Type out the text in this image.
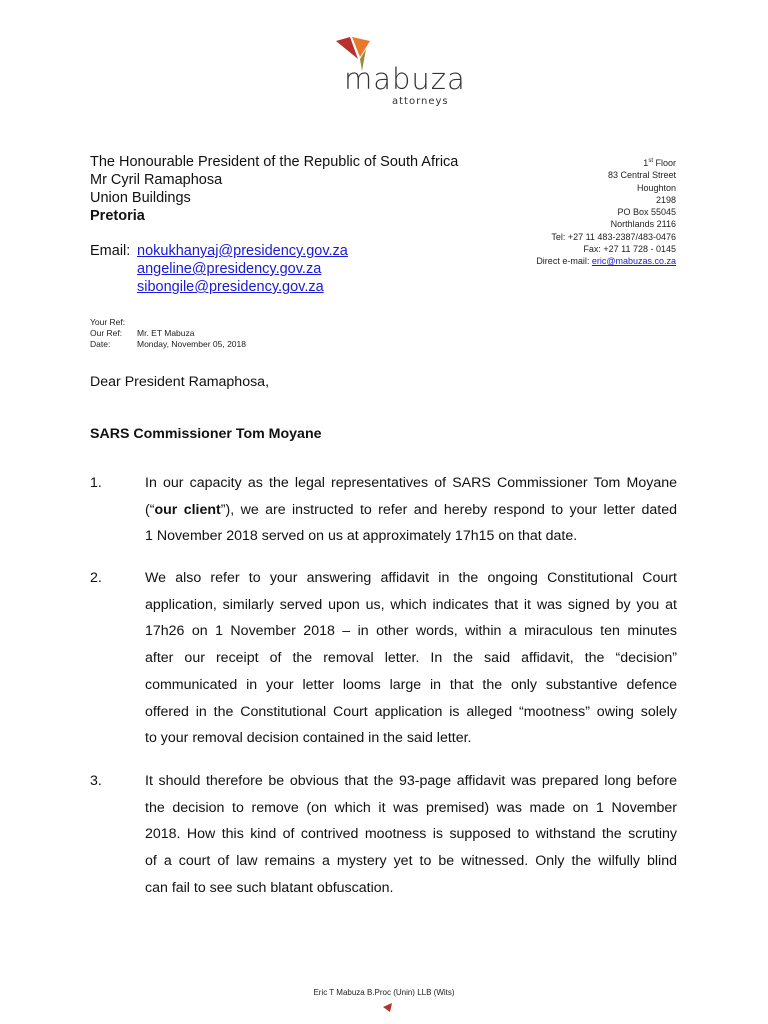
mabuza
attorneys
The Honourable President of the Republic of South Africa
Mr Cyril Ramaphosa
Union Buildings
Pretoria
Email: nokukhanyaj@presidency.gov.za
angeline@presidency.gov.za
sibongile@presidency.gov.za
1st Floor
83 Central Street
Houghton
2198
PO Box 55045
Northlands 2116
Tel: +27 11 483-2387/483-0476
Fax: +27 11 728 - 0145
Direct e-mail: eric@mabuzas.co.za
Your Ref:
Our Ref: Mr. ET Mabuza
Date:	Monday, November 05, 2018
Dear President Ramaphosa,
SARS Commissioner Tom Moyane
1.	In our capacity as the legal representatives of SARS Commissioner Tom Moyane
(“our client”), we are instructed to refer and hereby respond to your letter dated
1 November 2018 served on us at approximately 17h15 on that date.
2.	We also refer to your answering affidavit in the ongoing Constitutional Court
application, similarly served upon us, which indicates that it was signed by you at
17h26 on 1 November 2018 – in other words, within a miraculous ten minutes
after our receipt of the removal letter. In the said affidavit, the “decision”
communicated in your letter looms large in that the only substantive defence
offered in the Constitutional Court application is alleged “mootness” owing solely
to your removal decision contained in the said letter.
3.	It should therefore be obvious that the 93-page affidavit was prepared long before
the decision to remove (on which it was premised) was made on 1 November
2018. How this kind of contrived mootness is supposed to withstand the scrutiny
of a court of law remains a mystery yet to be witnessed. Only the wilfully blind
can fail to see such blatant obfuscation.
Eric T Mabuza B.Proc (Unin) LLB (Wits)
